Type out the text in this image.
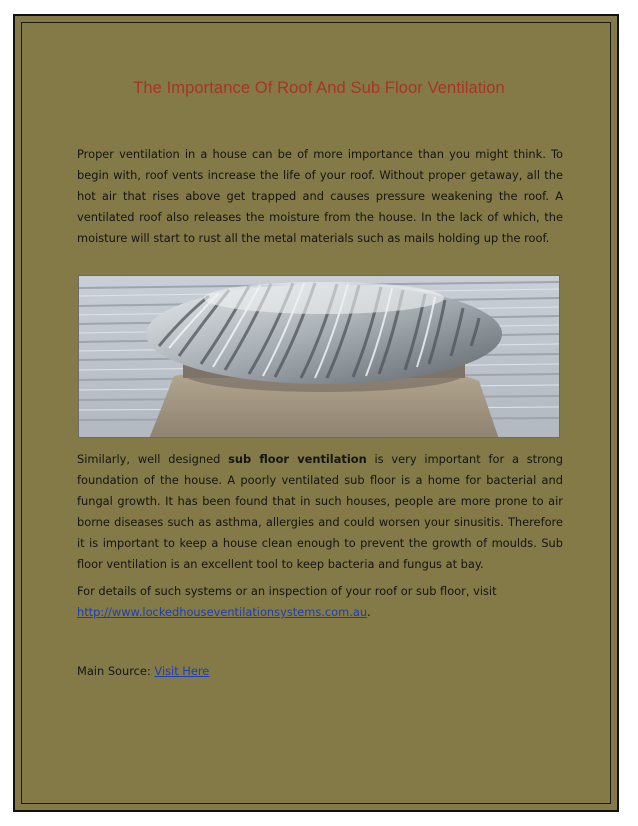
The Importance Of Roof And Sub Floor Ventilation

Proper ventilation in a house can be of more importance than you might think. To begin with, roof vents increase the life of your roof. Without proper getaway, all the hot air that rises above get trapped and causes pressure weakening the roof. A ventilated roof also releases the moisture from the house. In the lack of which, the moisture will start to rust all the metal materials such as mails holding up the roof.

Similarly, well designed sub floor ventilation is very important for a strong foundation of the house. A poorly ventilated sub floor is a home for bacterial and fungal growth. It has been found that in such houses, people are more prone to air borne diseases such as asthma, allergies and could worsen your sinusitis. Therefore it is important to keep a house clean enough to prevent the growth of moulds. Sub floor ventilation is an excellent tool to keep bacteria and fungus at bay.

For details of such systems or an inspection of your roof or sub floor, visit
http://www.lockedhouseventilationsystems.com.au.

Main Source: Visit Here
